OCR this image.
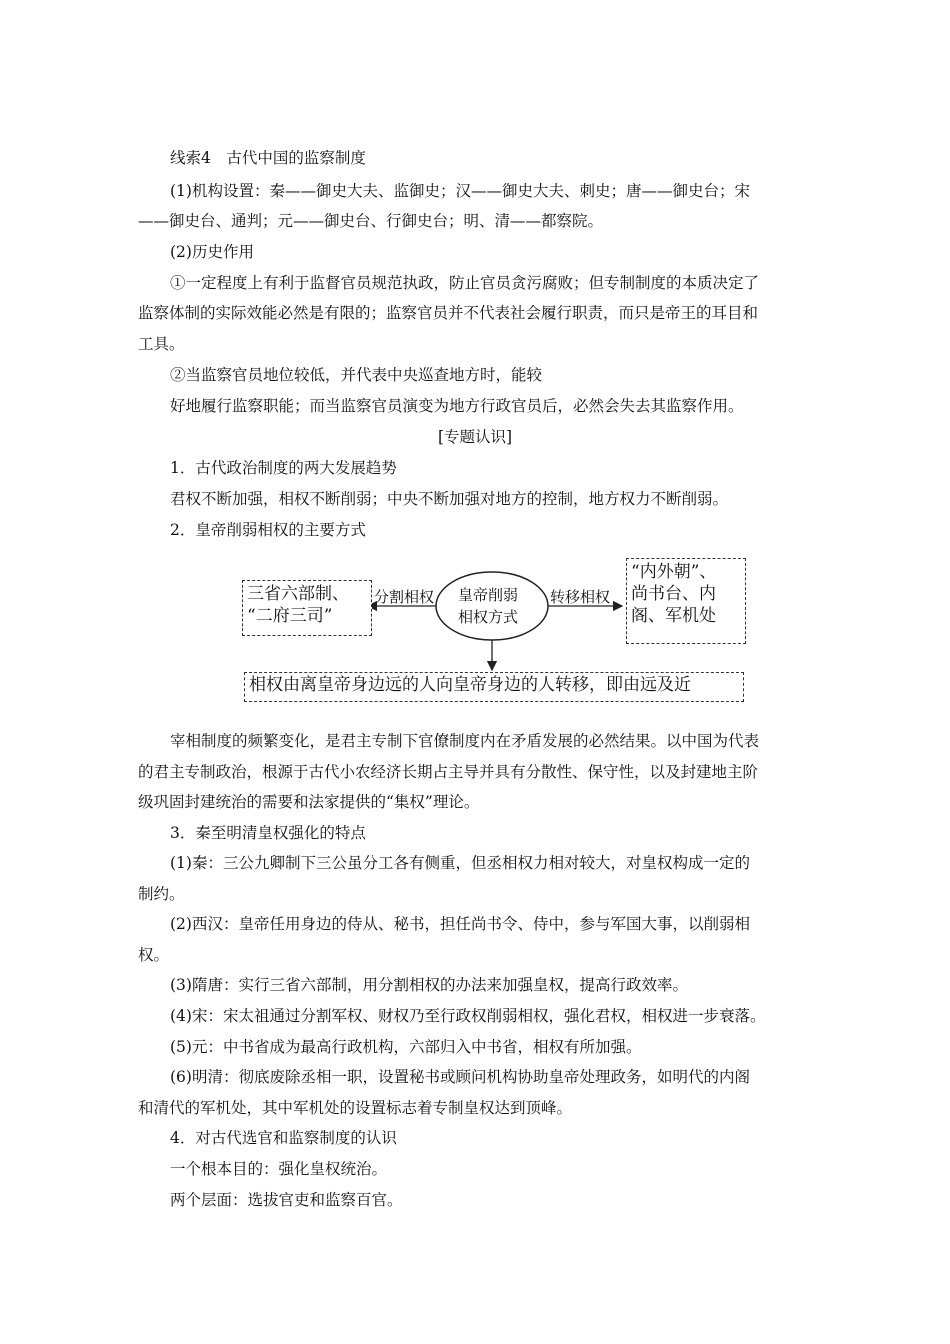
线索4　古代中国的监察制度
(1)机构设置：秦——御史大夫、监御史；汉——御史大夫、刺史；唐——御史台；宋
——御史台、通判；元——御史台、行御史台；明、清——都察院。
(2)历史作用
①一定程度上有利于监督官员规范执政，防止官员贪污腐败；但专制制度的本质决定了
监察体制的实际效能必然是有限的；监察官员并不代表社会履行职责，而只是帝王的耳目和
工具。
②当监察官员地位较低，并代表中央巡查地方时，能较
好地履行监察职能；而当监察官员演变为地方行政官员后，必然会失去其监察作用。
[专题认识]
1．古代政治制度的两大发展趋势
君权不断加强，相权不断削弱；中央不断加强对地方的控制，地方权力不断削弱。
2．皇帝削弱相权的主要方式
皇帝削弱
相权方式
分割相权	转移相权
三省六部制、
“二府三司”
“内外朝”、
尚书台、内
阁、军机处
相权由离皇帝身边远的人向皇帝身边的人转移，即由远及近
宰相制度的频繁变化，是君主专制下官僚制度内在矛盾发展的必然结果。以中国为代表
的君主专制政治，根源于古代小农经济长期占主导并具有分散性、保守性，以及封建地主阶
级巩固封建统治的需要和法家提供的“集权”理论。
3．秦至明清皇权强化的特点
(1)秦：三公九卿制下三公虽分工各有侧重，但丞相权力相对较大，对皇权构成一定的
制约。
(2)西汉：皇帝任用身边的侍从、秘书，担任尚书令、侍中，参与军国大事，以削弱相
权。
(3)隋唐：实行三省六部制，用分割相权的办法来加强皇权，提高行政效率。
(4)宋：宋太祖通过分割军权、财权乃至行政权削弱相权，强化君权，相权进一步衰落。
(5)元：中书省成为最高行政机构，六部归入中书省，相权有所加强。
(6)明清：彻底废除丞相一职，设置秘书或顾问机构协助皇帝处理政务，如明代的内阁
和清代的军机处，其中军机处的设置标志着专制皇权达到顶峰。
4．对古代选官和监察制度的认识
一个根本目的：强化皇权统治。
两个层面：选拔官吏和监察百官。
